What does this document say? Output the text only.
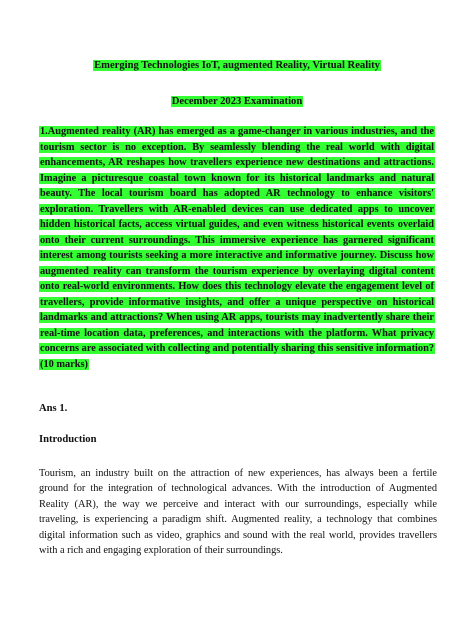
Emerging Technologies IoT, augmented Reality, Virtual Reality
December 2023 Examination

1.Augmented reality (AR) has emerged as a game-changer in various industries, and the tourism sector is no exception. By seamlessly blending the real world with digital enhancements, AR reshapes how travellers experience new destinations and attractions. Imagine a picturesque coastal town known for its historical landmarks and natural beauty. The local tourism board has adopted AR technology to enhance visitors' exploration. Travellers with AR-enabled devices can use dedicated apps to uncover hidden historical facts, access virtual guides, and even witness historical events overlaid onto their current surroundings. This immersive experience has garnered significant interest among tourists seeking a more interactive and informative journey. Discuss how augmented reality can transform the tourism experience by overlaying digital content onto real-world environments. How does this technology elevate the engagement level of travellers, provide informative insights, and offer a unique perspective on historical landmarks and attractions? When using AR apps, tourists may inadvertently share their real-time location data, preferences, and interactions with the platform. What privacy concerns are associated with collecting and potentially sharing this sensitive information? (10 marks)

Ans 1.

Introduction

Tourism, an industry built on the attraction of new experiences, has always been a fertile ground for the integration of technological advances. With the introduction of Augmented Reality (AR), the way we perceive and interact with our surroundings, especially while traveling, is experiencing a paradigm shift. Augmented reality, a technology that combines digital information such as video, graphics and sound with the real world, provides travellers with a rich and engaging exploration of their surroundings.
